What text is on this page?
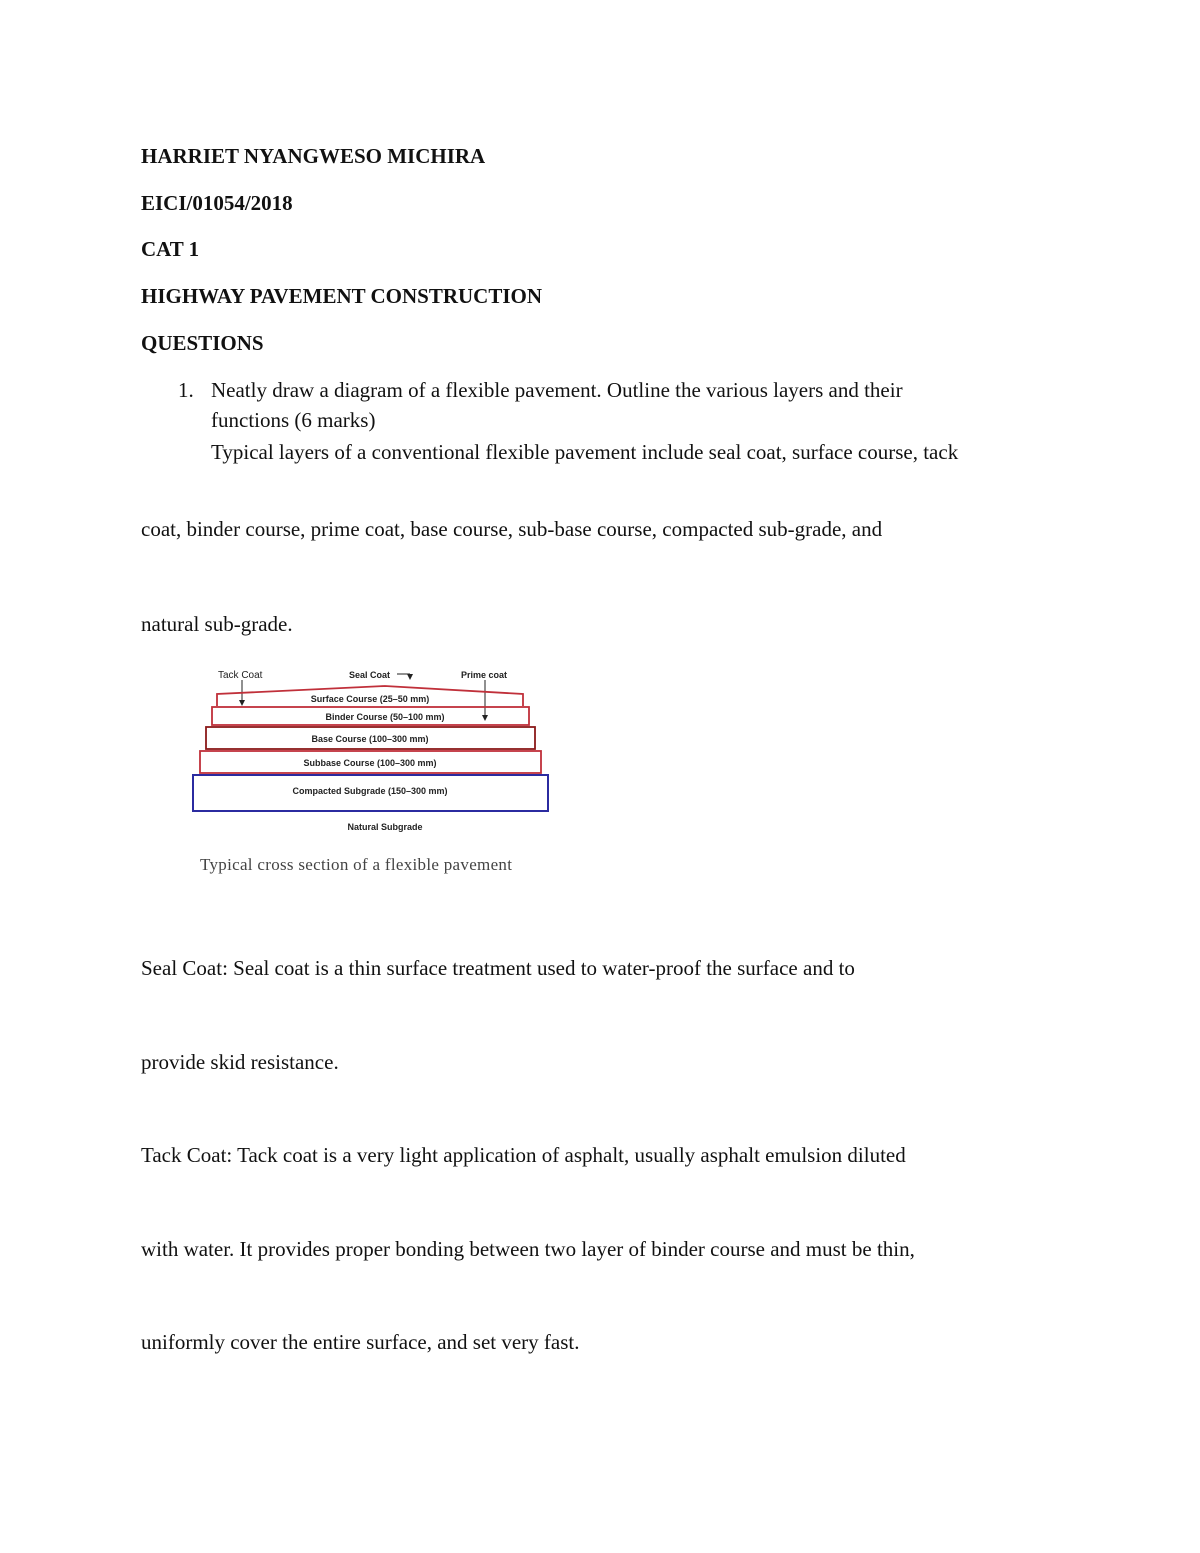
HARRIET NYANGWESO MICHIRA
EICI/01054/2018
CAT 1
HIGHWAY PAVEMENT CONSTRUCTION
QUESTIONS
1. Neatly draw a diagram of a flexible pavement. Outline the various layers and their
functions (6 marks)
Typical layers of a conventional flexible pavement include seal coat, surface course, tack
coat, binder course, prime coat, base course, sub-base course, compacted sub-grade, and
natural sub-grade.
Tack Coat	Seal Coat	Prime coat
Surface Course (25–50 mm)
Binder Course (50–100 mm)
Base Course (100–300 mm)
Subbase Course (100–300 mm)
Compacted Subgrade (150–300 mm)
Natural Subgrade
Typical cross section of a flexible pavement
Seal Coat: Seal coat is a thin surface treatment used to water-proof the surface and to
provide skid resistance.
Tack Coat: Tack coat is a very light application of asphalt, usually asphalt emulsion diluted
with water. It provides proper bonding between two layer of binder course and must be thin,
uniformly cover the entire surface, and set very fast.
